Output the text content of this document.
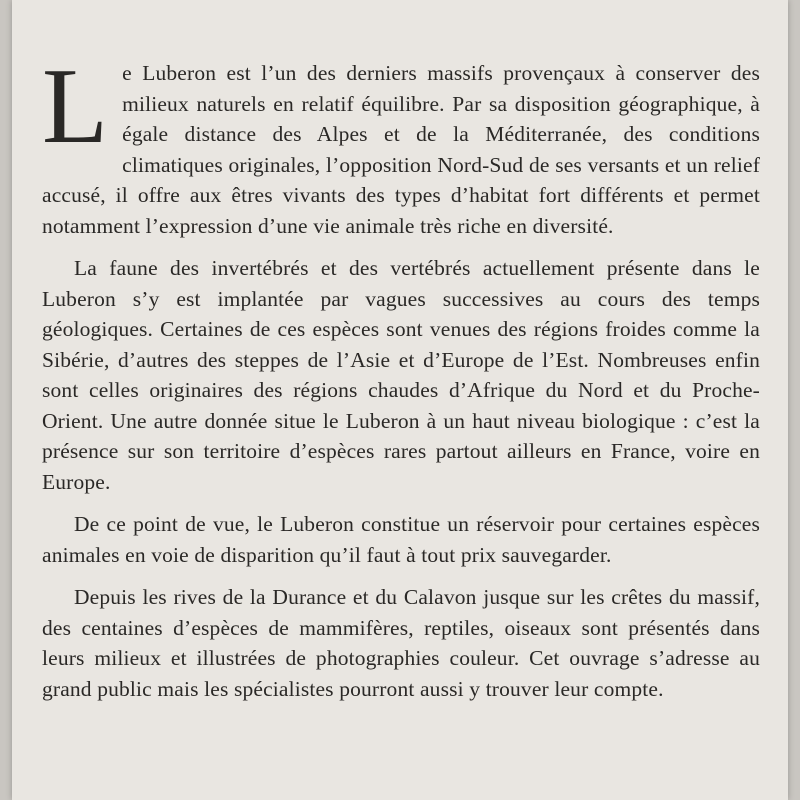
Le Luberon est l’un des derniers massifs provençaux à conserver des milieux naturels en relatif équilibre. Par sa disposition géographique, à égale distance des Alpes et de la Méditerranée, des conditions climatiques originales, l’opposition Nord-Sud de ses versants et un relief accusé, il offre aux êtres vivants des types d’habitat fort différents et permet notamment l’expression d’une vie animale très riche en diversité.

La faune des invertébrés et des vertébrés actuellement présente dans le Luberon s’y est implantée par vagues successives au cours des temps géologiques. Certaines de ces espèces sont venues des régions froides comme la Sibérie, d’autres des steppes de l’Asie et d’Europe de l’Est. Nombreuses enfin sont celles originaires des régions chaudes d’Afrique du Nord et du Proche-Orient. Une autre donnée situe le Luberon à un haut niveau biologique : c’est la présence sur son territoire d’espèces rares partout ailleurs en France, voire en Europe.

De ce point de vue, le Luberon constitue un réservoir pour certaines espèces animales en voie de disparition qu’il faut à tout prix sauvegarder.

Depuis les rives de la Durance et du Calavon jusque sur les crêtes du massif, des centaines d’espèces de mammifères, reptiles, oiseaux sont présentés dans leurs milieux et illustrées de photographies couleur. Cet ouvrage s’adresse au grand public mais les spécialistes pourront aussi y trouver leur compte.
